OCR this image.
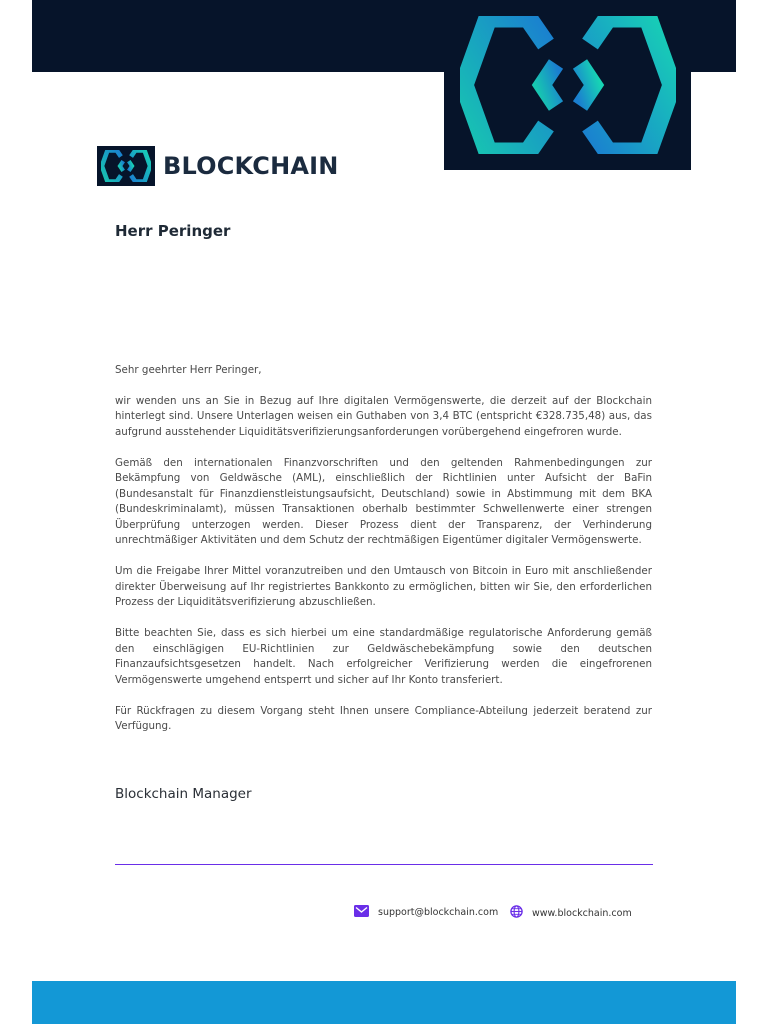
BLOCKCHAIN
Herr Peringer

Sehr geehrter Herr Peringer,

wir wenden uns an Sie in Bezug auf Ihre digitalen Vermögenswerte, die derzeit auf der Blockchain hinterlegt sind. Unsere Unterlagen weisen ein Guthaben von 3,4 BTC (entspricht €328.735,48) aus, das aufgrund ausstehender Liquiditätsverifizierungsanforderungen vorübergehend eingefroren wurde.

Gemäß den internationalen Finanzvorschriften und den geltenden Rahmenbedingungen zur Bekämpfung von Geldwäsche (AML), einschließlich der Richtlinien unter Aufsicht der BaFin (Bundesanstalt für Finanzdienstleistungsaufsicht, Deutschland) sowie in Abstimmung mit dem BKA (Bundeskriminalamt), müssen Transaktionen oberhalb bestimmter Schwellenwerte einer strengen Überprüfung unterzogen werden. Dieser Prozess dient der Transparenz, der Verhinderung unrechtmäßiger Aktivitäten und dem Schutz der rechtmäßigen Eigentümer digitaler Vermögenswerte.

Um die Freigabe Ihrer Mittel voranzutreiben und den Umtausch von Bitcoin in Euro mit anschließender direkter Überweisung auf Ihr registriertes Bankkonto zu ermöglichen, bitten wir Sie, den erforderlichen Prozess der Liquiditätsverifizierung abzuschließen.

Bitte beachten Sie, dass es sich hierbei um eine standardmäßige regulatorische Anforderung gemäß den einschlägigen EU-Richtlinien zur Geldwäschebekämpfung sowie den deutschen Finanzaufsichtsgesetzen handelt. Nach erfolgreicher Verifizierung werden die eingefrorenen Vermögenswerte umgehend entsperrt und sicher auf Ihr Konto transferiert.

Für Rückfragen zu diesem Vorgang steht Ihnen unsere Compliance-Abteilung jederzeit beratend zur Verfügung.

Blockchain Manager
support@blockchain.com	www.blockchain.com
